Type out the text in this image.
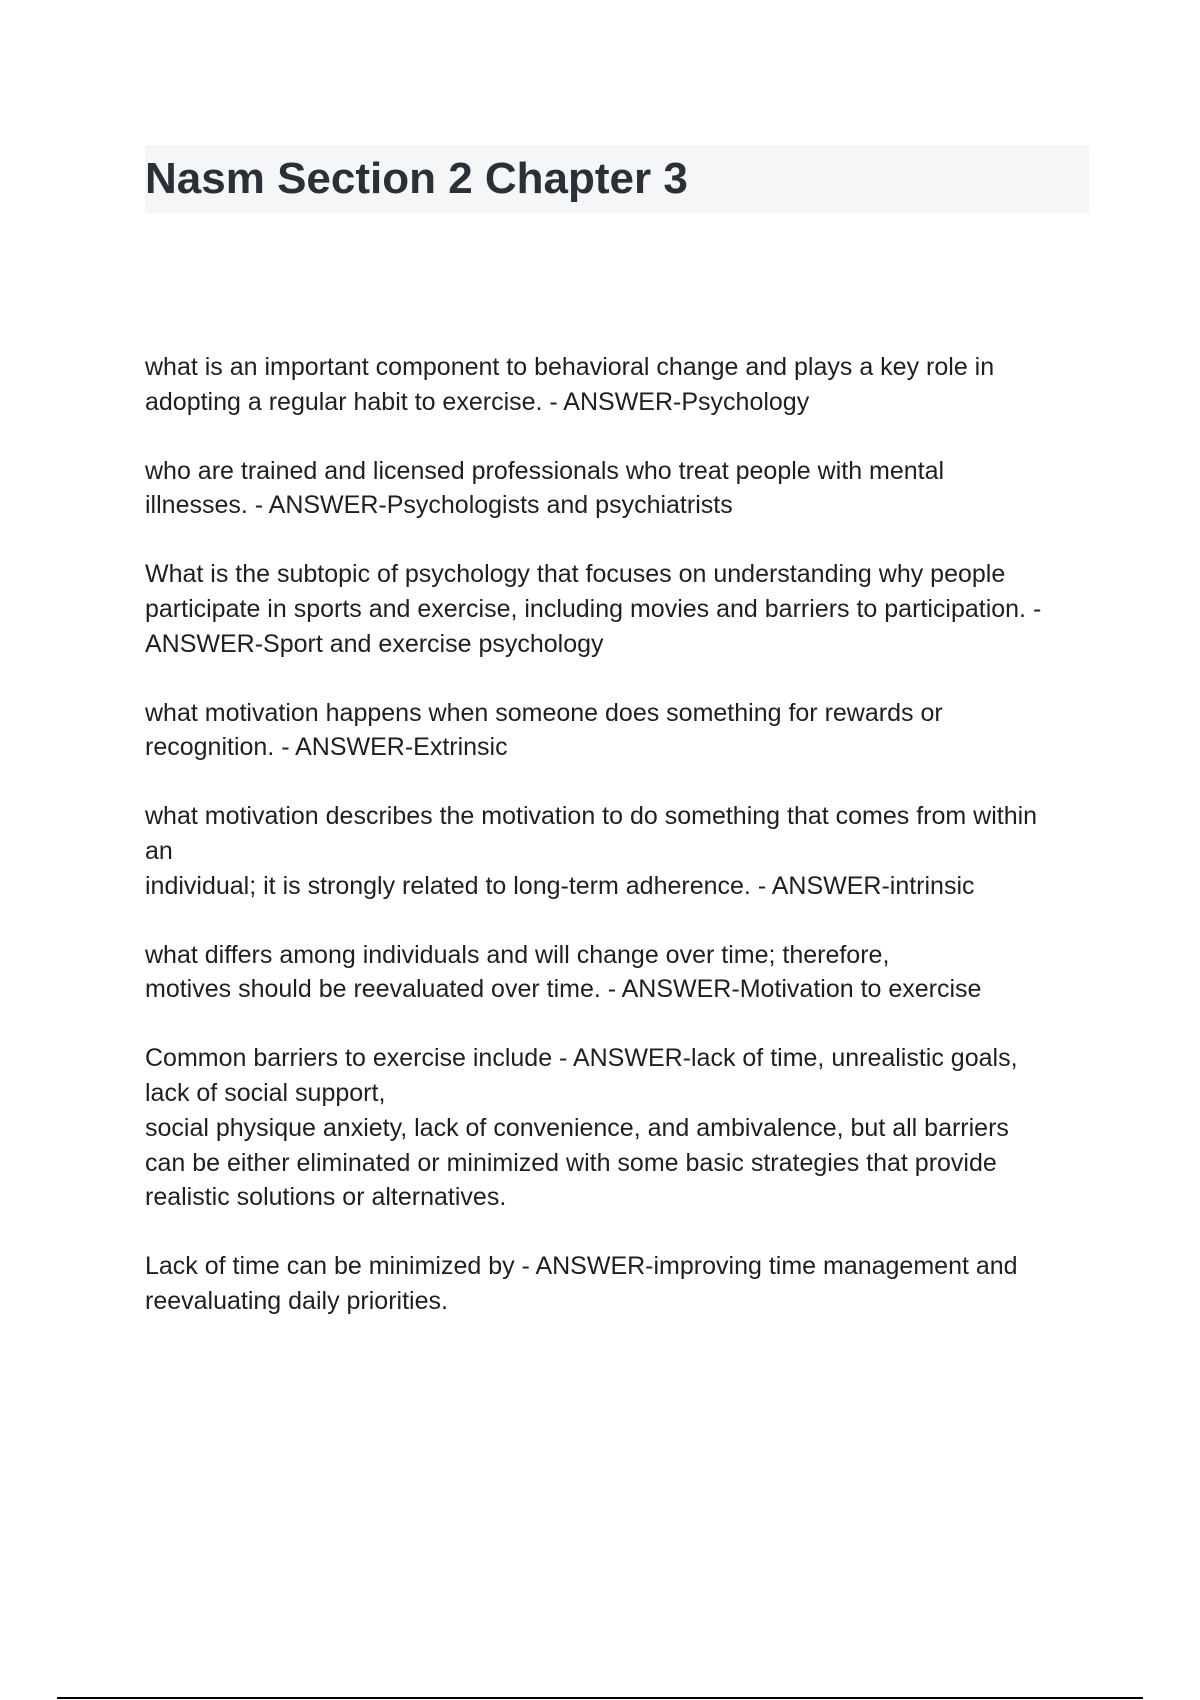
Nasm Section 2 Chapter 3

what is an important component to behavioral change and plays a key role in
adopting a regular habit to exercise. - ANSWER-Psychology

who are trained and licensed professionals who treat people with mental
illnesses. - ANSWER-Psychologists and psychiatrists

What is the subtopic of psychology that focuses on understanding why people
participate in sports and exercise, including movies and barriers to participation. -
ANSWER-Sport and exercise psychology

what motivation happens when someone does something for rewards or
recognition. - ANSWER-Extrinsic

what motivation describes the motivation to do something that comes from within
an
individual; it is strongly related to long-term adherence. - ANSWER-intrinsic

what differs among individuals and will change over time; therefore,
motives should be reevaluated over time. - ANSWER-Motivation to exercise

Common barriers to exercise include - ANSWER-lack of time, unrealistic goals,
lack of social support,
social physique anxiety, lack of convenience, and ambivalence, but all barriers
can be either eliminated or minimized with some basic strategies that provide
realistic solutions or alternatives.

Lack of time can be minimized by - ANSWER-improving time management and
reevaluating daily priorities.
